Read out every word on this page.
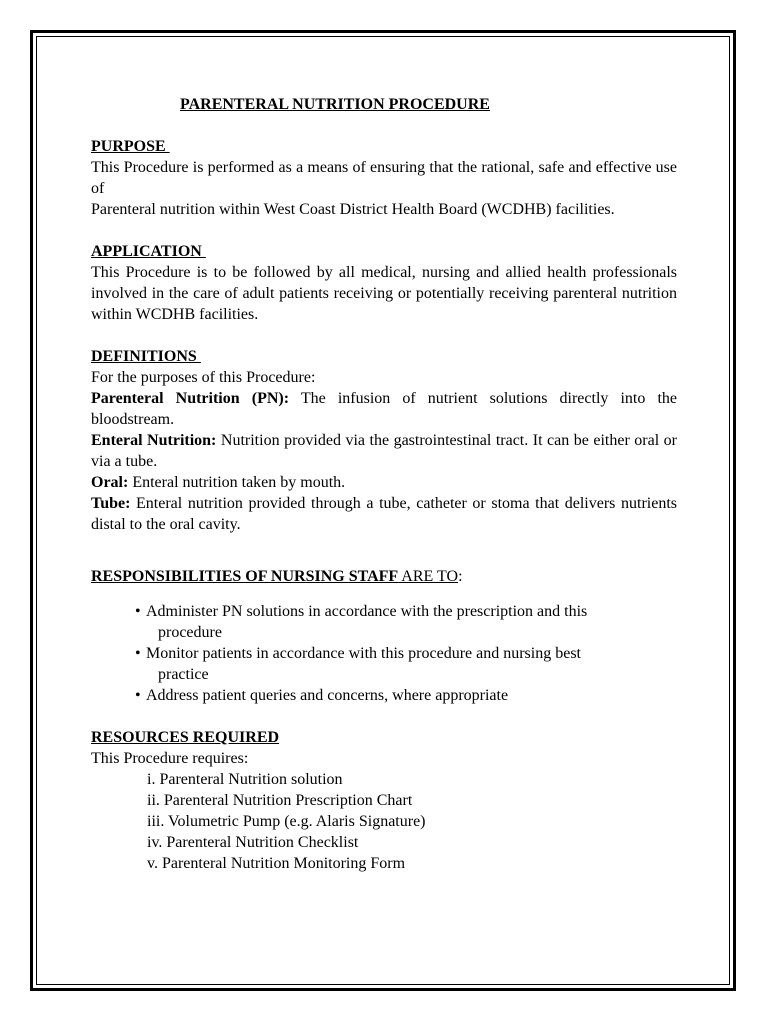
PARENTERAL NUTRITION PROCEDURE
PURPOSE
This Procedure is performed as a means of ensuring that the rational, safe and effective use of
Parenteral nutrition within West Coast District Health Board (WCDHB) facilities.
APPLICATION
This Procedure is to be followed by all medical, nursing and allied health professionals involved in the care of adult patients receiving or potentially receiving parenteral nutrition within WCDHB facilities.
DEFINITIONS
For the purposes of this Procedure:
Parenteral Nutrition (PN): The infusion of nutrient solutions directly into the bloodstream.
Enteral Nutrition: Nutrition provided via the gastrointestinal tract. It can be either oral or via a tube.
Oral: Enteral nutrition taken by mouth.
Tube: Enteral nutrition provided through a tube, catheter or stoma that delivers nutrients distal to the oral cavity.
RESPONSIBILITIES OF NURSING STAFF ARE TO:
• Administer PN solutions in accordance with the prescription and this
procedure
• Monitor patients in accordance with this procedure and nursing best
practice
• Address patient queries and concerns, where appropriate
RESOURCES REQUIRED
This Procedure requires:
i. Parenteral Nutrition solution
ii. Parenteral Nutrition Prescription Chart
iii. Volumetric Pump (e.g. Alaris Signature)
iv. Parenteral Nutrition Checklist
v. Parenteral Nutrition Monitoring Form
